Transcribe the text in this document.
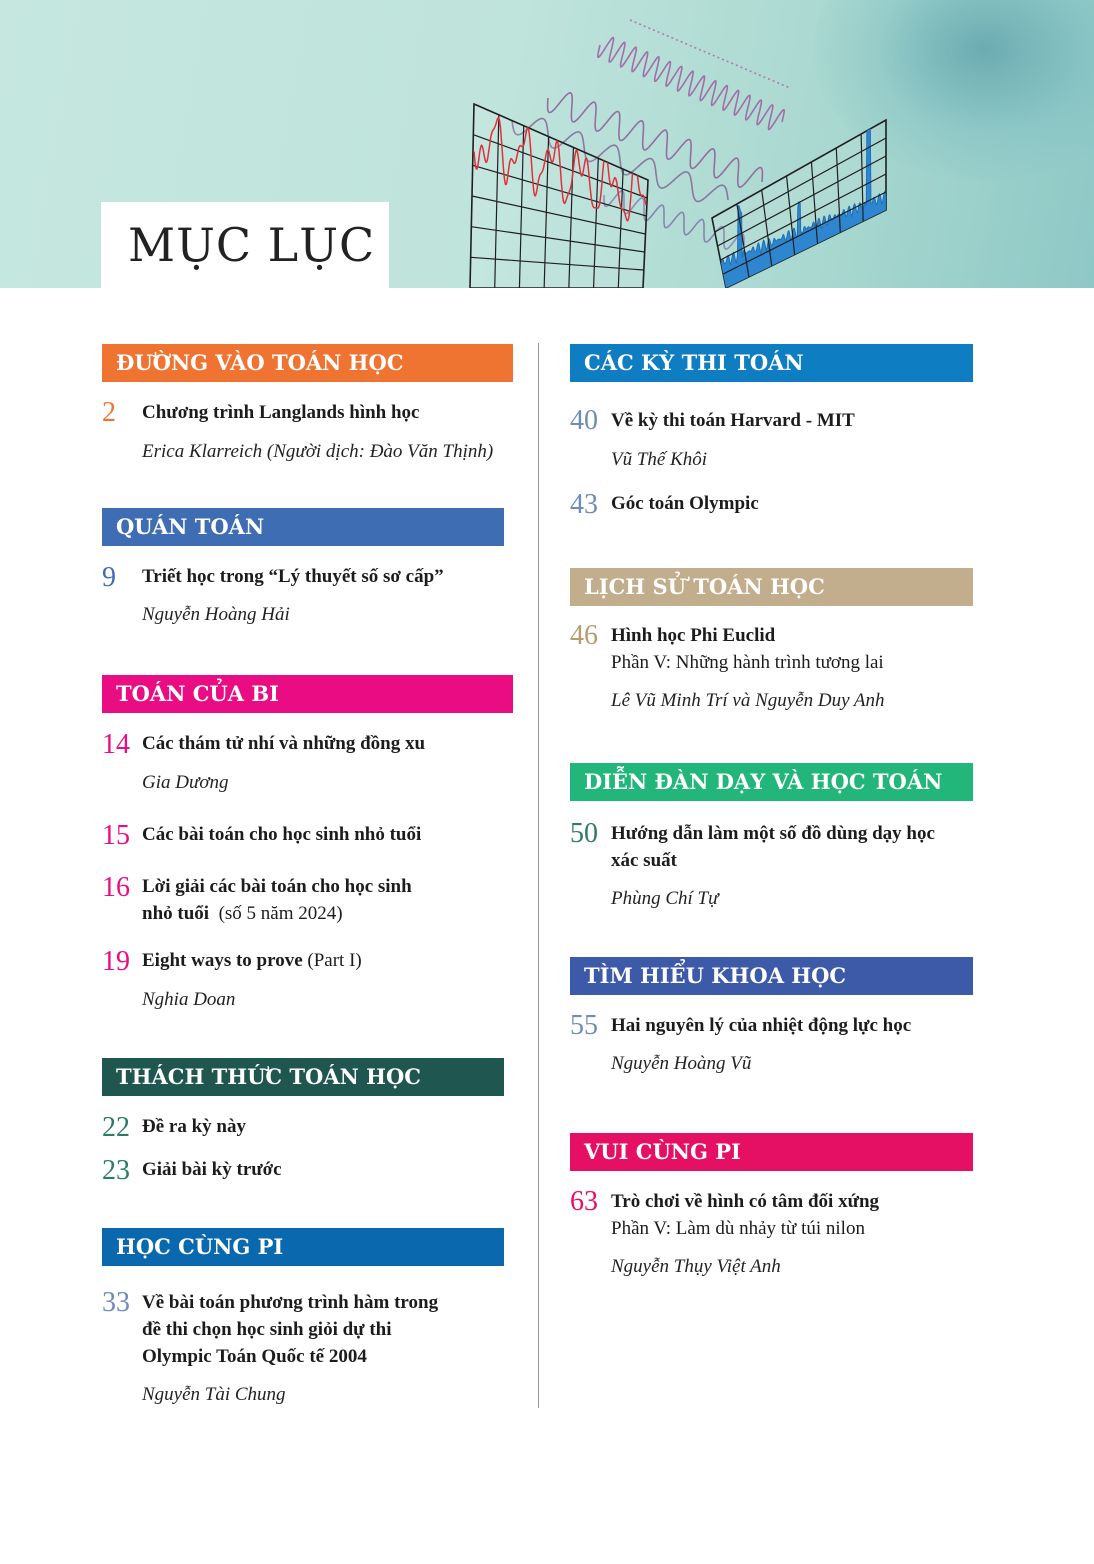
MỤC LỤC
ĐƯỜNG VÀO TOÁN HỌC
2 Chương trình Langlands hình học
Erica Klarreich (Người dịch: Đào Văn Thịnh)
QUÁN TOÁN
9 Triết học trong “Lý thuyết số sơ cấp”
Nguyễn Hoàng Hải
TOÁN CỦA BI
14 Các thám tử nhí và những đồng xu
Gia Dương
15 Các bài toán cho học sinh nhỏ tuổi
16 Lời giải các bài toán cho học sinh
nhỏ tuổi (số 5 năm 2024)
19 Eight ways to prove (Part I)
Nghia Doan
THÁCH THỨC TOÁN HỌC
22 Đề ra kỳ này
23 Giải bài kỳ trước
HỌC CÙNG PI
33 Về bài toán phương trình hàm trong
đề thi chọn học sinh giỏi dự thi
Olympic Toán Quốc tế 2004
Nguyễn Tài Chung
CÁC KỲ THI TOÁN
40 Về kỳ thi toán Harvard - MIT
Vũ Thế Khôi
43 Góc toán Olympic
LỊCH SỬ TOÁN HỌC
46 Hình học Phi Euclid
Phần V: Những hành trình tương lai
Lê Vũ Minh Trí và Nguyễn Duy Anh
DIỄN ĐÀN DẠY VÀ HỌC TOÁN
50 Hướng dẫn làm một số đồ dùng dạy học
xác suất
Phùng Chí Tự
TÌM HIỂU KHOA HỌC
55 Hai nguyên lý của nhiệt động lực học
Nguyễn Hoàng Vũ
VUI CÙNG PI
63 Trò chơi về hình có tâm đối xứng
Phần V: Làm dù nhảy từ túi nilon
Nguyễn Thụy Việt Anh
